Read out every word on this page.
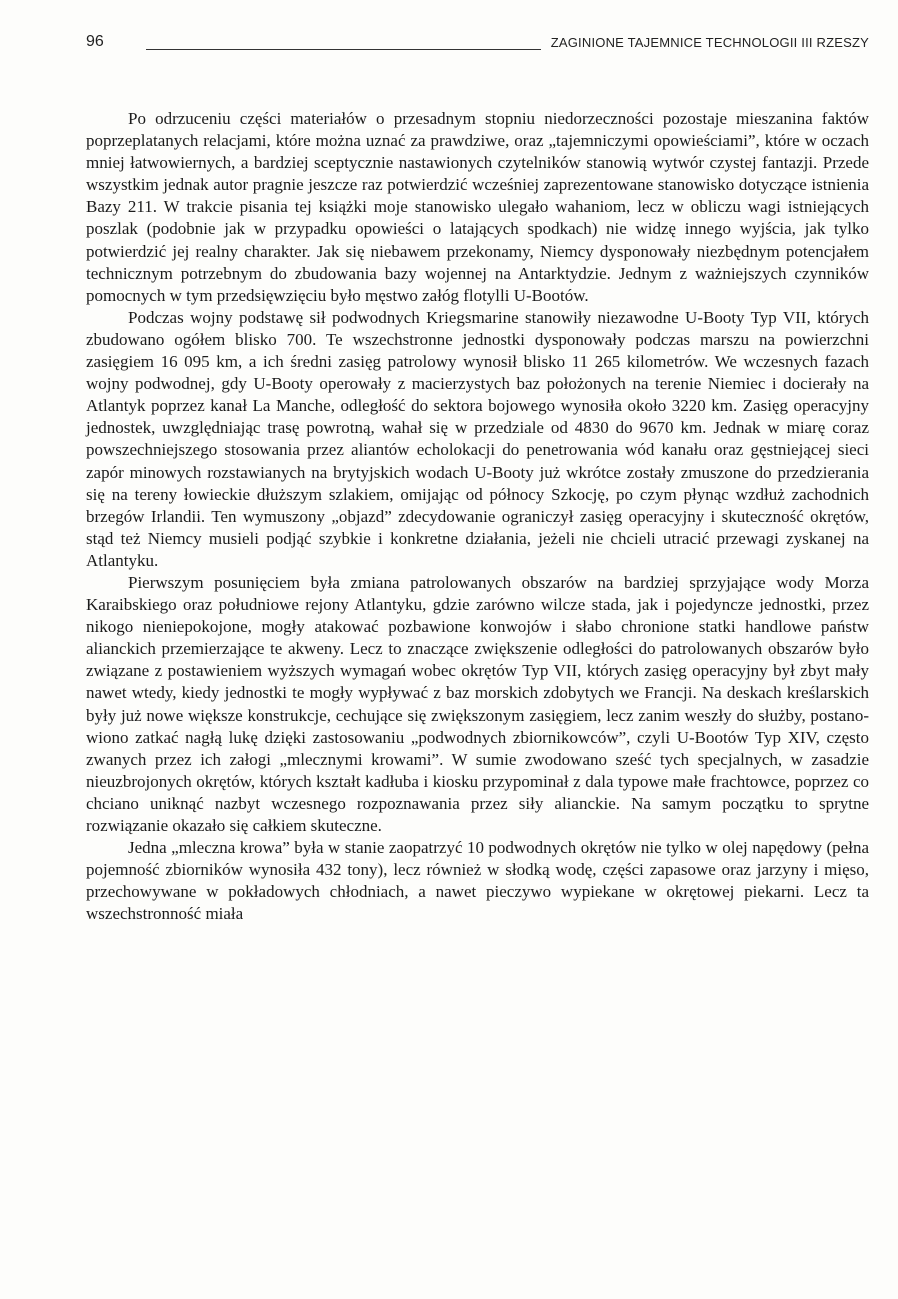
96	ZAGINIONE TAJEMNICE TECHNOLOGII III RZESZY

Po odrzuceniu części materiałów o przesadnym stopniu niedorzeczności pozostaje mieszanina faktów poprzeplatanych relacjami, które można uznać za prawdziwe, oraz „tajemniczymi opowieściami”, które w oczach mniej łatwowiernych, a bardziej sceptycznie nastawionych czytelników stanowią wytwór czystej fantazji. Przede wszystkim jednak autor pragnie jeszcze raz potwierdzić wcześniej zaprezentowane stanowisko dotyczące istnienia Bazy 211. W trakcie pisania tej książki moje stanowisko ulegało wahaniom, lecz w obliczu wagi istniejących poszlak (podobnie jak w przypadku opowieści o latających spodkach) nie widzę innego wyjścia, jak tylko potwierdzić jej realny charakter. Jak się niebawem przekonamy, Niemcy dysponowały niezbędnym potencjałem technicznym potrzebnym do zbudowania bazy wojennej na Antarktydzie. Jednym z ważniejszych czynników pomocnych w tym przedsięwzięciu było męstwo załóg flotylli U-Bootów.

Podczas wojny podstawę sił podwodnych Kriegsmarine stanowiły niezawodne U-Booty Typ VII, których zbudowano ogółem blisko 700. Te wszechstronne jednostki dysponowały podczas marszu na powierzchni zasięgiem 16 095 km, a ich średni zasięg patrolowy wynosił blisko 11 265 kilometrów. We wczesnych fazach wojny podwodnej, gdy U-Booty operowały z macierzystych baz położonych na terenie Niemiec i docierały na Atlantyk poprzez kanał La Manche, odległość do sektora bojowego wynosiła około 3220 km. Zasięg operacyjny jednostek, uwzględniając trasę powrotną, wahał się w przedziale od 4830 do 9670 km. Jednak w miarę coraz powszechniejszego stosowania przez aliantów echolokacji do penetrowania wód kanału oraz gęstniejącej sieci zapór minowych rozstawianych na brytyjskich wodach U-Booty już wkrótce zostały zmuszone do przedzierania się na tereny łowieckie dłuższym szlakiem, omijając od północy Szkocję, po czym płynąc wzdłuż zachodnich brzegów Irlandii. Ten wymuszony „objazd” zdecydowanie ograniczył zasięg operacyjny i skuteczność okrętów, stąd też Niemcy musieli podjąć szybkie i konkretne działania, jeżeli nie chcieli utracić przewagi zyskanej na Atlantyku.

Pierwszym posunięciem była zmiana patrolowanych obszarów na bardziej sprzyjające wody Morza Karaibskiego oraz południowe rejony Atlantyku, gdzie zarówno wilcze stada, jak i pojedyncze jednostki, przez nikogo nieniepokojone, mogły atakować pozbawione konwojów i słabo chronione statki handlowe państw alianckich przemierzające te akweny. Lecz to znaczące zwiększenie odległości do patrolowanych obszarów było związane z postawieniem wyższych wymagań wobec okrętów Typ VII, których zasięg operacyjny był zbyt mały nawet wtedy, kiedy jednostki te mogły wypływać z baz morskich zdobytych we Francji. Na deskach kreślarskich były już nowe większe konstrukcje, cechujące się zwiększonym zasięgiem, lecz zanim weszły do służby, postanowiono zatkać nagłą lukę dzięki zastosowaniu „podwodnych zbiornikowców”, czyli U-Bootów Typ XIV, często zwanych przez ich załogi „mlecznymi krowami”. W sumie zwodowano sześć tych specjalnych, w zasadzie nieuzbrojonych okrętów, których kształt kadłuba i kiosku przypominał z dala typowe małe frachtowce, poprzez co chciano uniknąć nazbyt wczesnego rozpoznawania przez siły alianckie. Na samym początku to sprytne rozwiązanie okazało się całkiem skuteczne.

Jedna „mleczna krowa” była w stanie zaopatrzyć 10 podwodnych okrętów nie tylko w olej napędowy (pełna pojemność zbiorników wynosiła 432 tony), lecz również w słodką wodę, części zapasowe oraz jarzyny i mięso, przechowywane w pokładowych chłodniach, a nawet pieczywo wypiekane w okrętowej piekarni. Lecz ta wszechstronność miała
